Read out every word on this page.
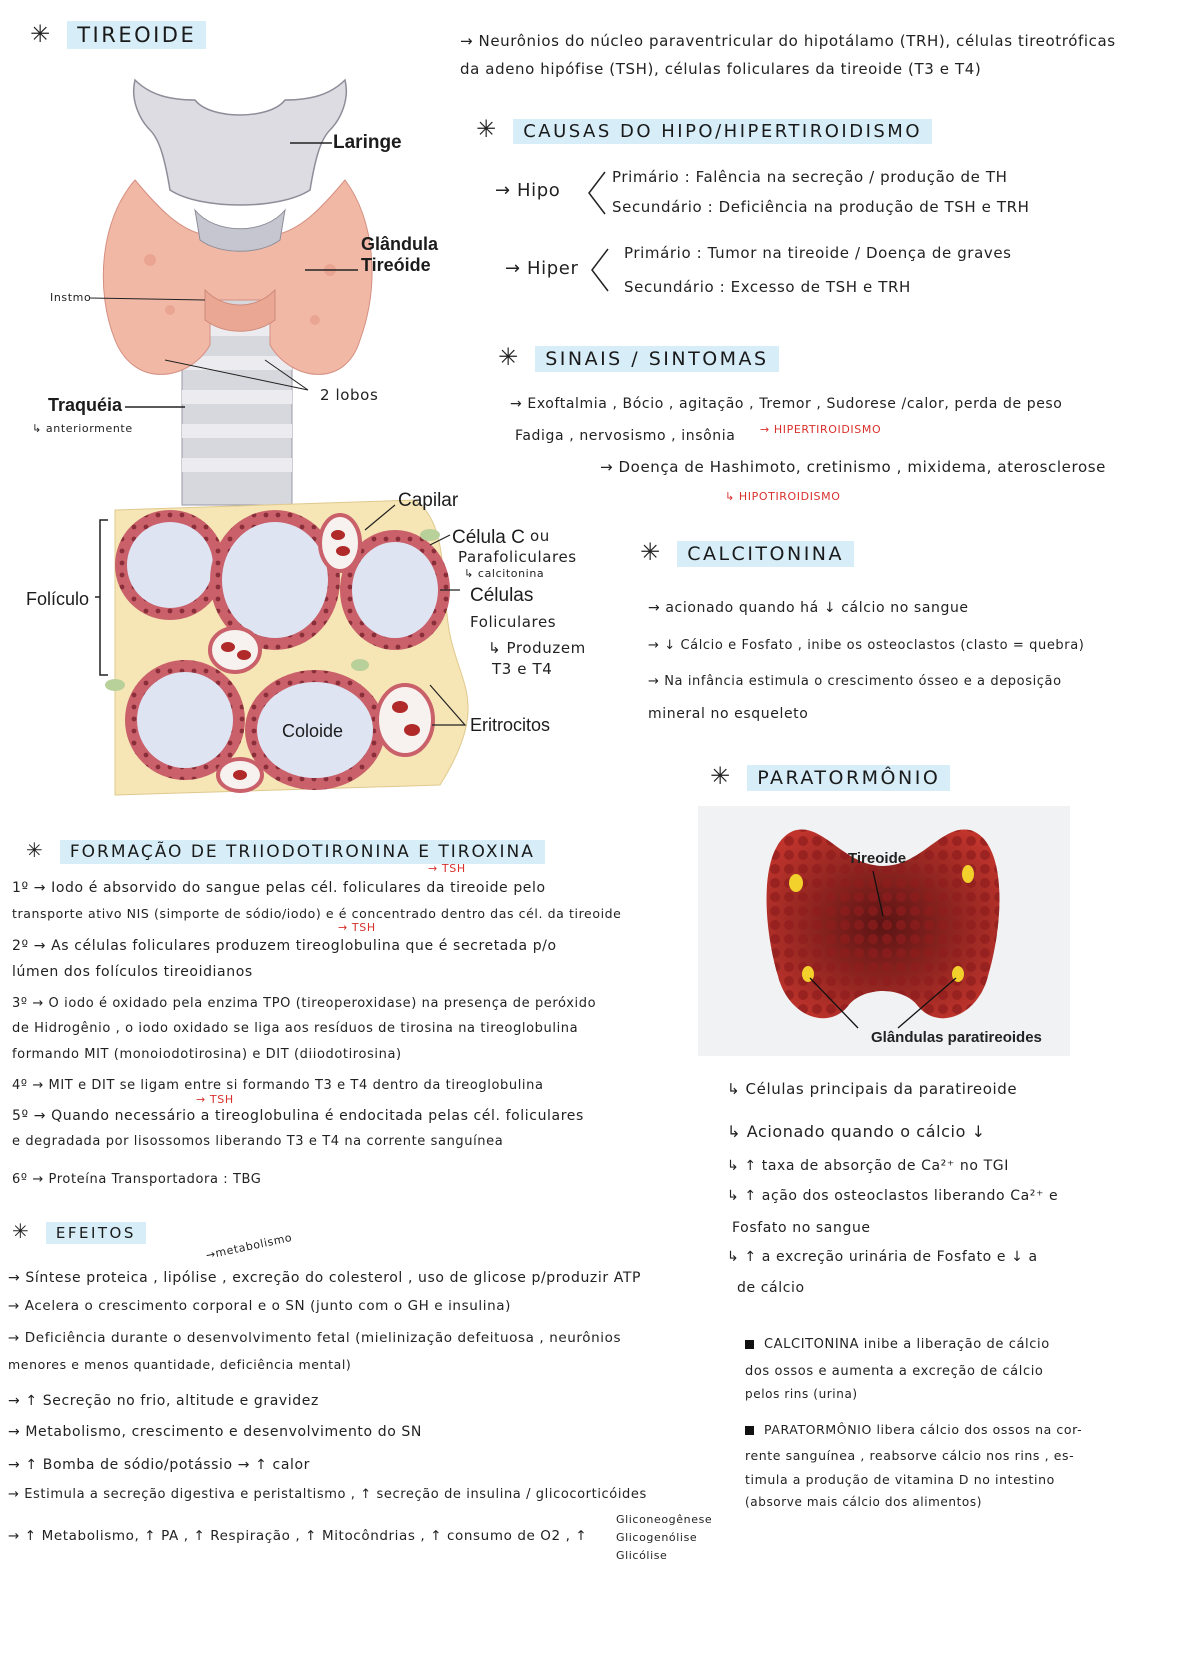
✳ TIREOIDE
Laringe
Glândula
Tireóide
Traquéia
↳ anteriormente
Instmo
2 lobos
Capilar
Célula C ou
Parafoliculares
↳ calcitonina
Células
Foliculares
↳ Produzem
T3 e T4
Folículo
Coloide	Eritrocitos
→ Neurônios do núcleo paraventricular do hipotálamo (TRH), células tireotróficas
da adeno hipófise (TSH), células foliculares da tireoide (T3 e T4)
✳ CAUSAS DO HIPO/HIPERTIROIDISMO
→ Hipo
Primário : Falência na secreção / produção de TH
Secundário : Deficiência na produção de TSH e TRH
→ Hiper
Primário : Tumor na tireoide / Doença de graves
Secundário : Excesso de TSH e TRH
✳ SINAIS / SINTOMAS
→ Exoftalmia , Bócio , agitação , Tremor , Sudorese /calor, perda de peso
Fadiga , nervosismo , insônia → HIPERTIROIDISMO
→ Doença de Hashimoto, cretinismo , mixidema, aterosclerose
↳ HIPOTIROIDISMO
✳ CALCITONINA
→ acionado quando há ↓ cálcio no sangue
→ ↓ Cálcio e Fosfato , inibe os osteoclastos (clasto = quebra)
→ Na infância estimula o crescimento ósseo e a deposição
mineral no esqueleto
✳ PARATORMÔNIO
Tireoide
Glândulas paratireoides
↳ Células principais da paratireoide
↳ Acionado quando o cálcio ↓
↳ ↑ taxa de absorção de Ca²⁺ no TGI
↳ ↑ ação dos osteoclastos liberando Ca²⁺ e
Fosfato no sangue
↳ ↑ a excreção urinária de Fosfato e ↓ a
de cálcio
CALCITONINA inibe a liberação de cálcio
dos ossos e aumenta a excreção de cálcio
pelos rins (urina)
PARATORMÔNIO libera cálcio dos ossos na cor-
rente sanguínea , reabsorve cálcio nos rins , es-
timula a produção de vitamina D no intestino
(absorve mais cálcio dos alimentos)
✳ FORMAÇÃO DE TRIIODOTIRONINA E TIROXINA
→ TSH
1º → Iodo é absorvido do sangue pelas cél. foliculares da tireoide pelo
transporte ativo NIS (simporte de sódio/iodo) e é concentrado dentro das cél. da tireoide
→ TSH
2º → As células foliculares produzem tireoglobulina que é secretada p/o
lúmen dos folículos tireoidianos
3º → O iodo é oxidado pela enzima TPO (tireoperoxidase) na presença de peróxido
de Hidrogênio , o iodo oxidado se liga aos resíduos de tirosina na tireoglobulina
formando MIT (monoiodotirosina) e DIT (diiodotirosina)
→ TSH
4º → MIT e DIT se ligam entre si formando T3 e T4 dentro da tireoglobulina
5º → Quando necessário a tireoglobulina é endocitada pelas cél. foliculares
e degradada por lisossomos liberando T3 e T4 na corrente sanguínea
6º → Proteína Transportadora : TBG
✳ EFEITOS
→metabolismo
→ Síntese proteica , lipólise , excreção do colesterol , uso de glicose p/produzir ATP
→ Acelera o crescimento corporal e o SN (junto com o GH e insulina)
→ Deficiência durante o desenvolvimento fetal (mielinização defeituosa , neurônios
menores e menos quantidade, deficiência mental)
→ ↑ Secreção no frio, altitude e gravidez
→ Metabolismo, crescimento e desenvolvimento do SN
→ ↑ Bomba de sódio/potássio → ↑ calor
→ Estimula a secreção digestiva e peristaltismo , ↑ secreção de insulina / glicocorticóides
→ ↑ Metabolismo, ↑ PA , ↑ Respiração , ↑ Mitocôndrias , ↑ consumo de O2 , ↑
Gliconeogênese
Glicogenólise
Glicólise
